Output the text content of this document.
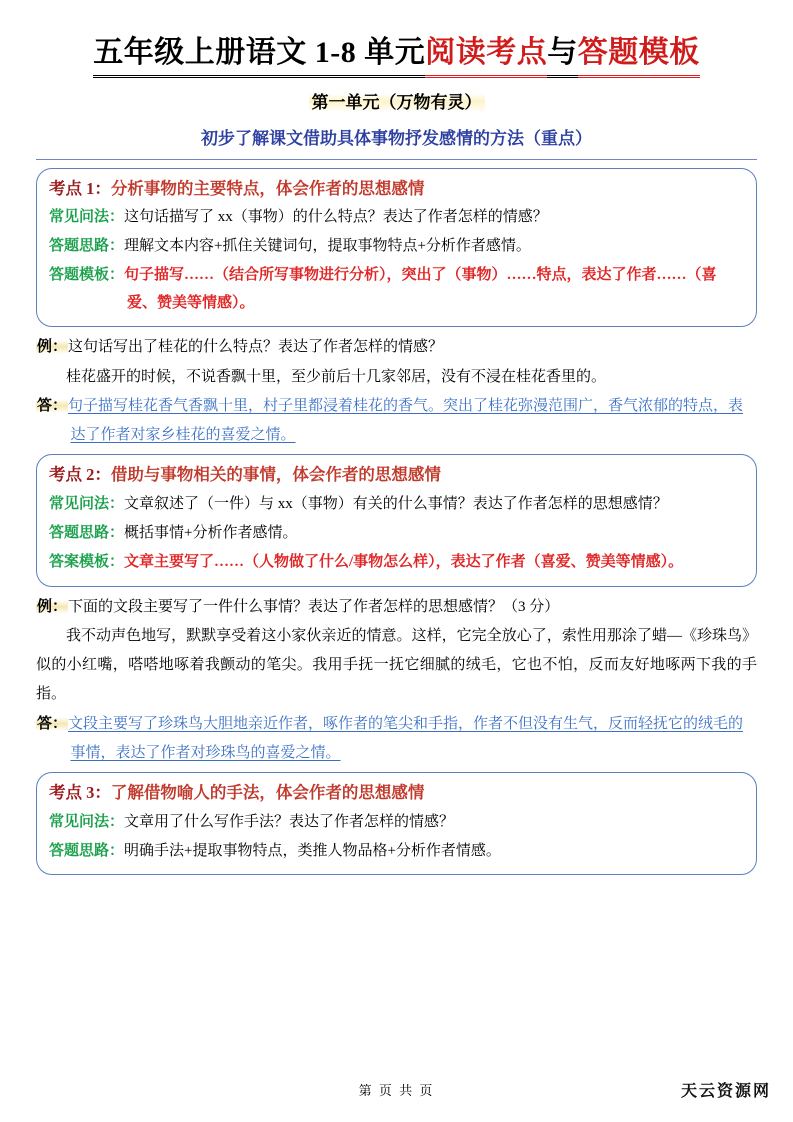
五年级上册语文 1-8 单元阅读考点与答题模板
第一单元（万物有灵）
初步了解课文借助具体事物抒发感情的方法（重点）
考点 1：分析事物的主要特点，体会作者的思想感情
常见问法：这句话描写了 xx（事物）的什么特点？表达了作者怎样的情感？
答题思路：理解文本内容+抓住关键词句，提取事物特点+分析作者感情。
答题模板：句子描写……（结合所写事物进行分析），突出了（事物）……特点，表达了作者……（喜爱、赞美等情感）。
例：这句话写出了桂花的什么特点？表达了作者怎样的情感？
桂花盛开的时候，不说香飘十里，至少前后十几家邻居，没有不浸在桂花香里的。
答：句子描写桂花香气香飘十里，村子里都浸着桂花的香气。突出了桂花弥漫范围广，香气浓郁的特点，表达了作者对家乡桂花的喜爱之情。
考点 2：借助与事物相关的事情，体会作者的思想感情
常见问法：文章叙述了（一件）与 xx（事物）有关的什么事情？表达了作者怎样的思想感情？
答题思路：概括事情+分析作者感情。
答案模板：文章主要写了……（人物做了什么/事物怎么样），表达了作者（喜爱、赞美等情感）。
例：下面的文段主要写了一件什么事情？表达了作者怎样的思想感情？（3 分）
—《珍珠鸟》
我不动声色地写，默默享受着这小家伙亲近的情意。这样，它完全放心了，索性用那涂了蜡似的小红嘴，嗒嗒地啄着我颤动的笔尖。我用手抚一抚它细腻的绒毛，它也不怕，反而友好地啄两下我的手指。
答：文段主要写了珍珠鸟大胆地亲近作者，啄作者的笔尖和手指，作者不但没有生气，反而轻抚它的绒毛的事情，表达了作者对珍珠鸟的喜爱之情。
考点 3：了解借物喻人的手法，体会作者的思想感情
常见问法：文章用了什么写作手法？表达了作者怎样的情感？
答题思路：明确手法+提取事物特点，类推人物品格+分析作者情感。
第 页 共 页	天云资源网
